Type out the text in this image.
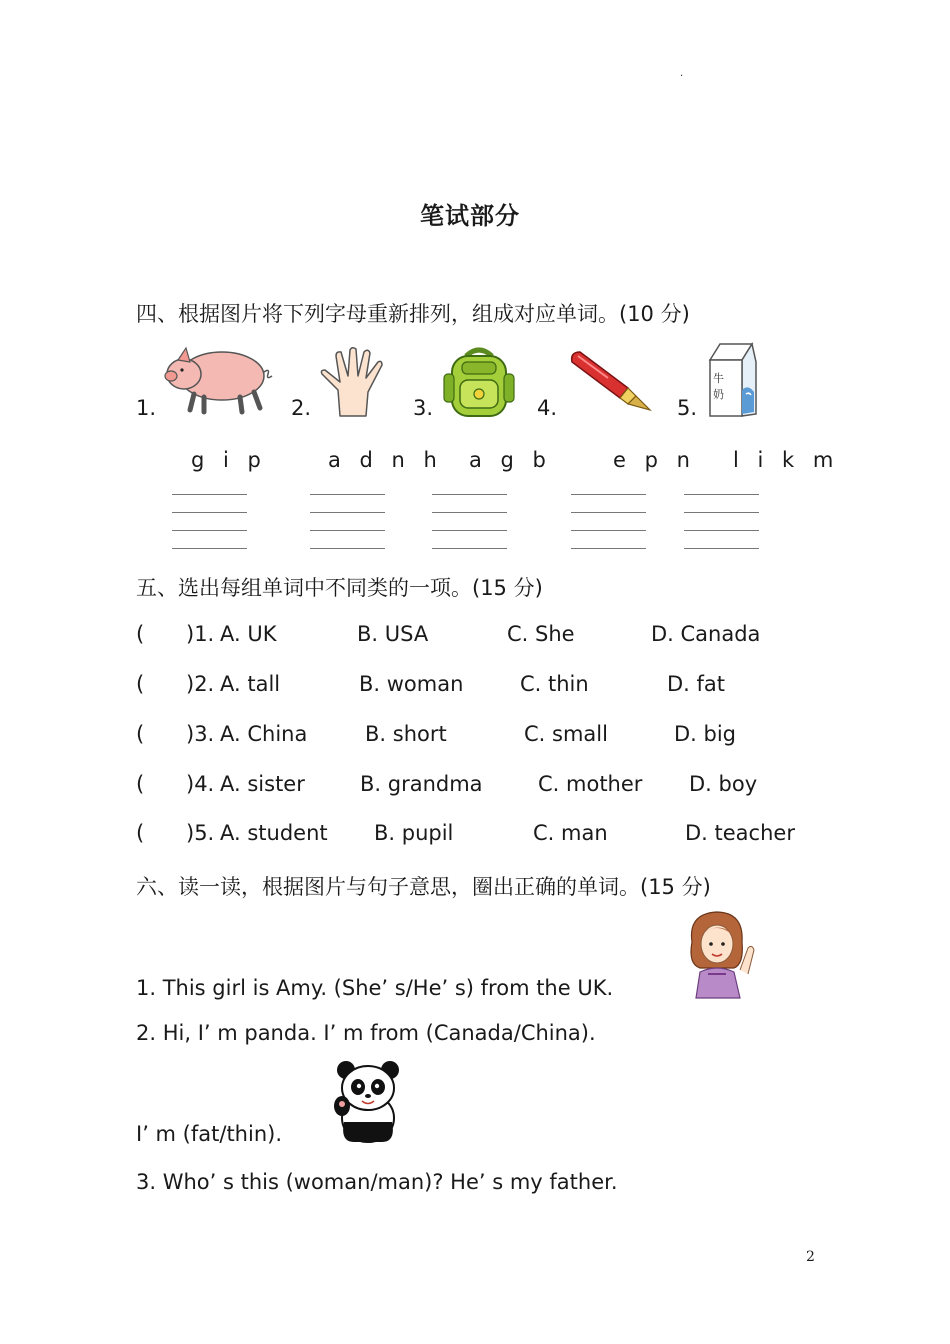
.
笔试部分
四、根据图片将下列字母重新排列，组成对应单词。(10 分)
1.	2.	3.	4.	5.
牛
奶
g i p	a d n h a g b	e p n l i k m
五、选出每组单词中不同类的一项。(15 分)
( )1. A. UK	B. USA	C. She	D. Canada
( )2. A. tall	B. woman	C. thin	D. fat
( )3. A. China	B. short	C. small	D. big
( )4. A. sister	B. grandma	C. mother D. boy
( )5. A. student B. pupil	C. man	D. teacher
六、读一读，根据图片与句子意思，圈出正确的单词。(15 分)
1. This girl is Amy. (She’ s/He’ s) from the UK.
2. Hi, I’ m panda. I’ m from (Canada/China).
I’ m (fat/thin).
3. Who’ s this (woman/man)? He’ s my father.
2
